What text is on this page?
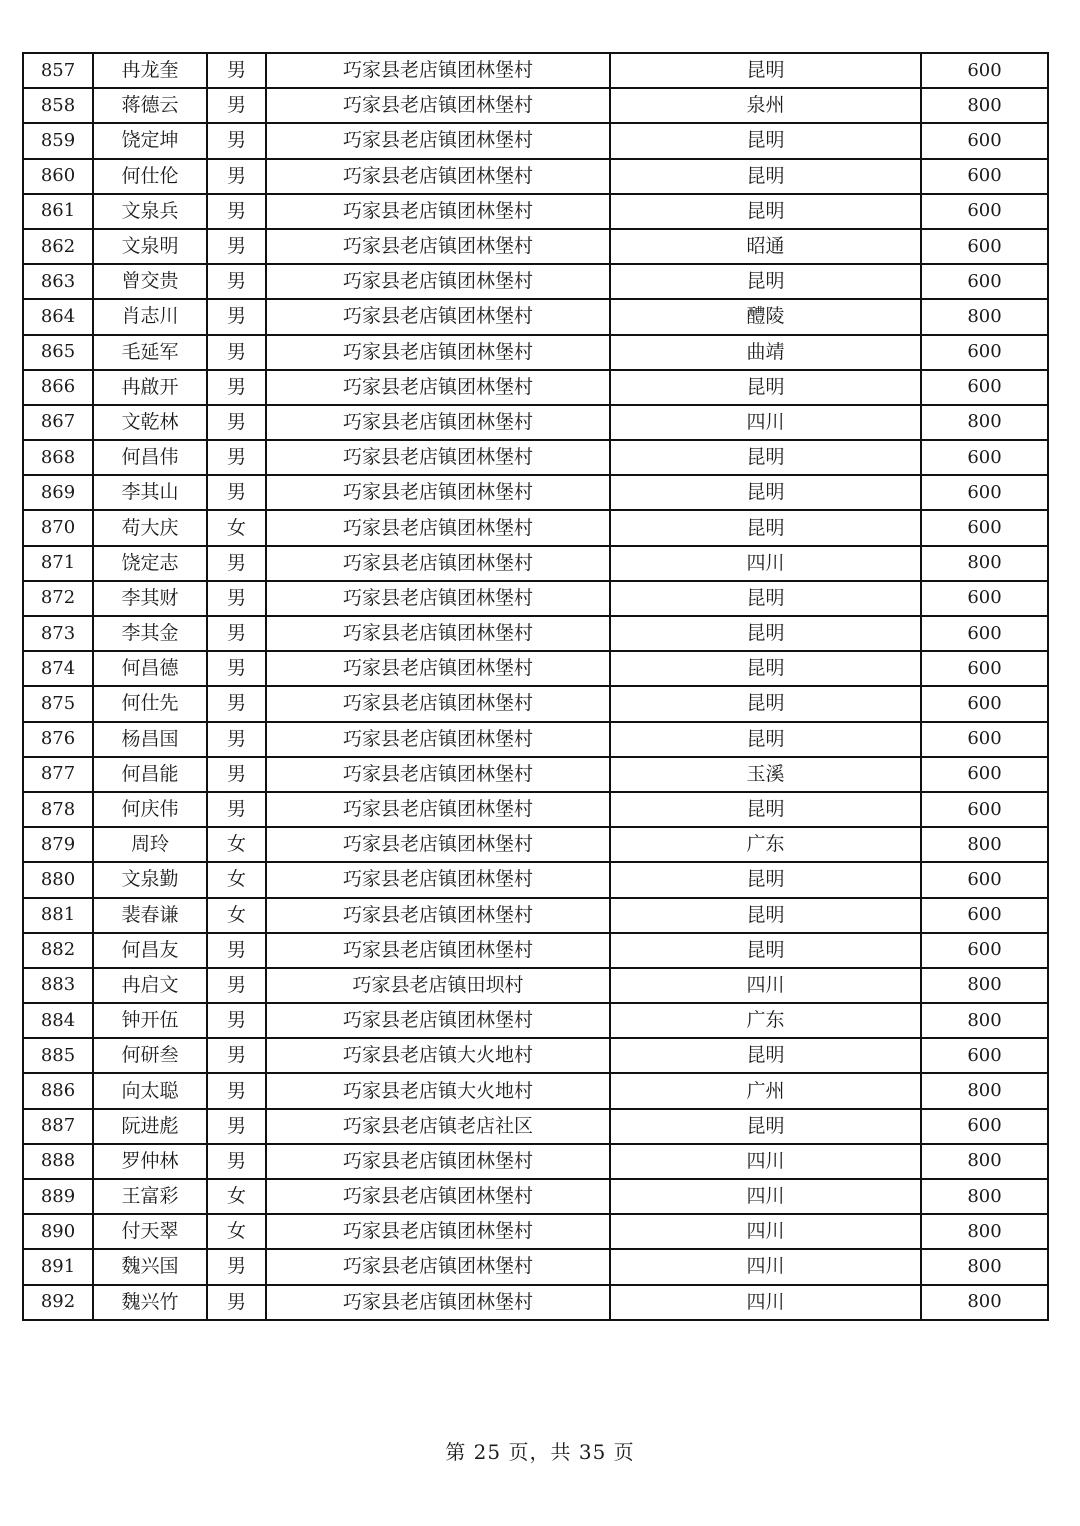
857	冉龙奎	男	巧家县老店镇团林堡村	昆明	600
858	蒋德云	男	巧家县老店镇团林堡村	泉州	800
859	饶定坤	男	巧家县老店镇团林堡村	昆明	600
860	何仕伦	男	巧家县老店镇团林堡村	昆明	600
861	文泉兵	男	巧家县老店镇团林堡村	昆明	600
862	文泉明	男	巧家县老店镇团林堡村	昭通	600
863	曾交贵	男	巧家县老店镇团林堡村	昆明	600
864	肖志川	男	巧家县老店镇团林堡村	醴陵	800
865	毛延军	男	巧家县老店镇团林堡村	曲靖	600
866	冉啟开	男	巧家县老店镇团林堡村	昆明	600
867	文乾林	男	巧家县老店镇团林堡村	四川	800
868	何昌伟	男	巧家县老店镇团林堡村	昆明	600
869	李其山	男	巧家县老店镇团林堡村	昆明	600
870	苟大庆	女	巧家县老店镇团林堡村	昆明	600
871	饶定志	男	巧家县老店镇团林堡村	四川	800
872	李其财	男	巧家县老店镇团林堡村	昆明	600
873	李其金	男	巧家县老店镇团林堡村	昆明	600
874	何昌德	男	巧家县老店镇团林堡村	昆明	600
875	何仕先	男	巧家县老店镇团林堡村	昆明	600
876	杨昌国	男	巧家县老店镇团林堡村	昆明	600
877	何昌能	男	巧家县老店镇团林堡村	玉溪	600
878	何庆伟	男	巧家县老店镇团林堡村	昆明	600
879	周玲	女	巧家县老店镇团林堡村	广东	800
880	文泉勤	女	巧家县老店镇团林堡村	昆明	600
881	裴春谦	女	巧家县老店镇团林堡村	昆明	600
882	何昌友	男	巧家县老店镇团林堡村	昆明	600
883	冉启文	男	巧家县老店镇田坝村	四川	800
884	钟开伍	男	巧家县老店镇团林堡村	广东	800
885	何研叁	男	巧家县老店镇大火地村	昆明	600
886	向太聪	男	巧家县老店镇大火地村	广州	800
887	阮进彪	男	巧家县老店镇老店社区	昆明	600
888	罗仲林	男	巧家县老店镇团林堡村	四川	800
889	王富彩	女	巧家县老店镇团林堡村	四川	800
890	付天翠	女	巧家县老店镇团林堡村	四川	800
891	魏兴国	男	巧家县老店镇团林堡村	四川	800
892	魏兴竹	男	巧家县老店镇团林堡村	四川	800
第 25 页，共 35 页
